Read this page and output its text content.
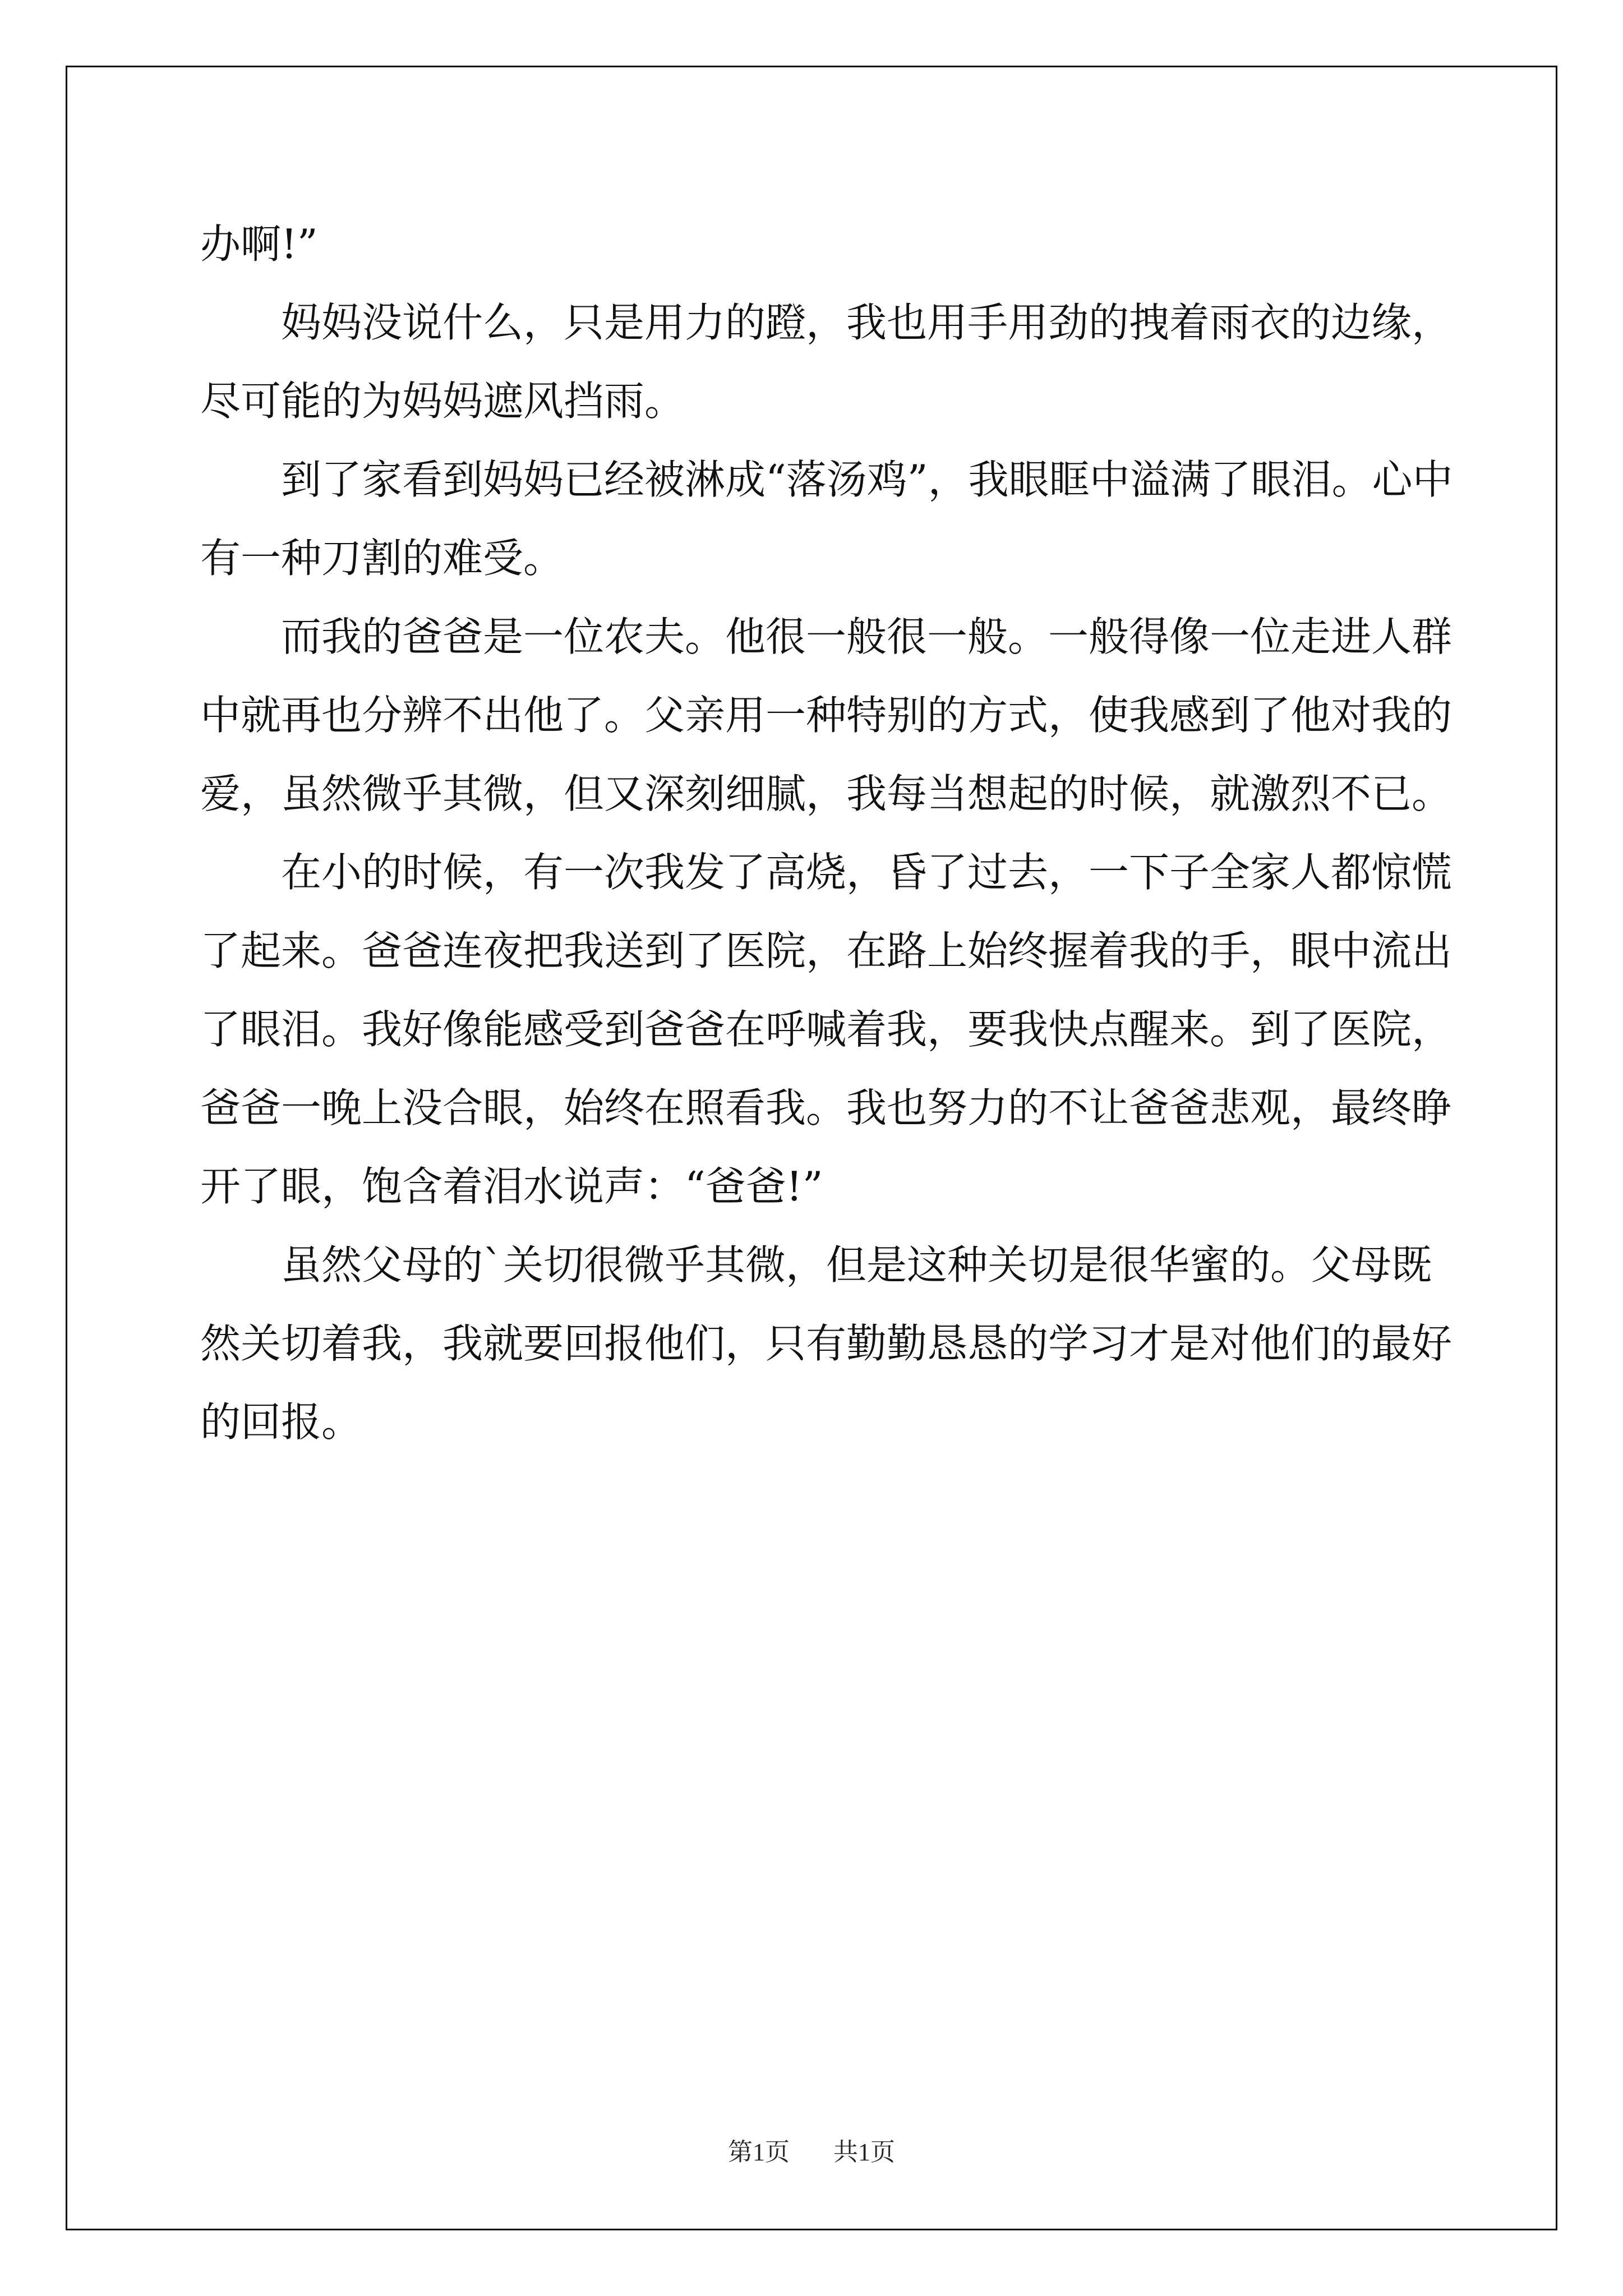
办啊!”

妈妈没说什么，只是用力的蹬，我也用手用劲的拽着雨衣的边缘，尽可能的为妈妈遮风挡雨。

到了家看到妈妈已经被淋成“落汤鸡”，我眼眶中溢满了眼泪。心中有一种刀割的难受。

而我的爸爸是一位农夫。他很一般很一般。一般得像一位走进人群中就再也分辨不出他了。父亲用一种特别的方式，使我感到了他对我的爱，虽然微乎其微，但又深刻细腻，我每当想起的时候，就激烈不已。

在小的时候，有一次我发了高烧，昏了过去，一下子全家人都惊慌了起来。爸爸连夜把我送到了医院，在路上始终握着我的手，眼中流出了眼泪。我好像能感受到爸爸在呼喊着我，要我快点醒来。到了医院，爸爸一晚上没合眼，始终在照看我。我也努力的不让爸爸悲观，最终睁开了眼，饱含着泪水说声：“爸爸!”

虽然父母的`关切很微乎其微，但是这种关切是很华蜜的。父母既然关切着我，我就要回报他们，只有勤勤恳恳的学习才是对他们的最好的回报。

第1页 共1页
